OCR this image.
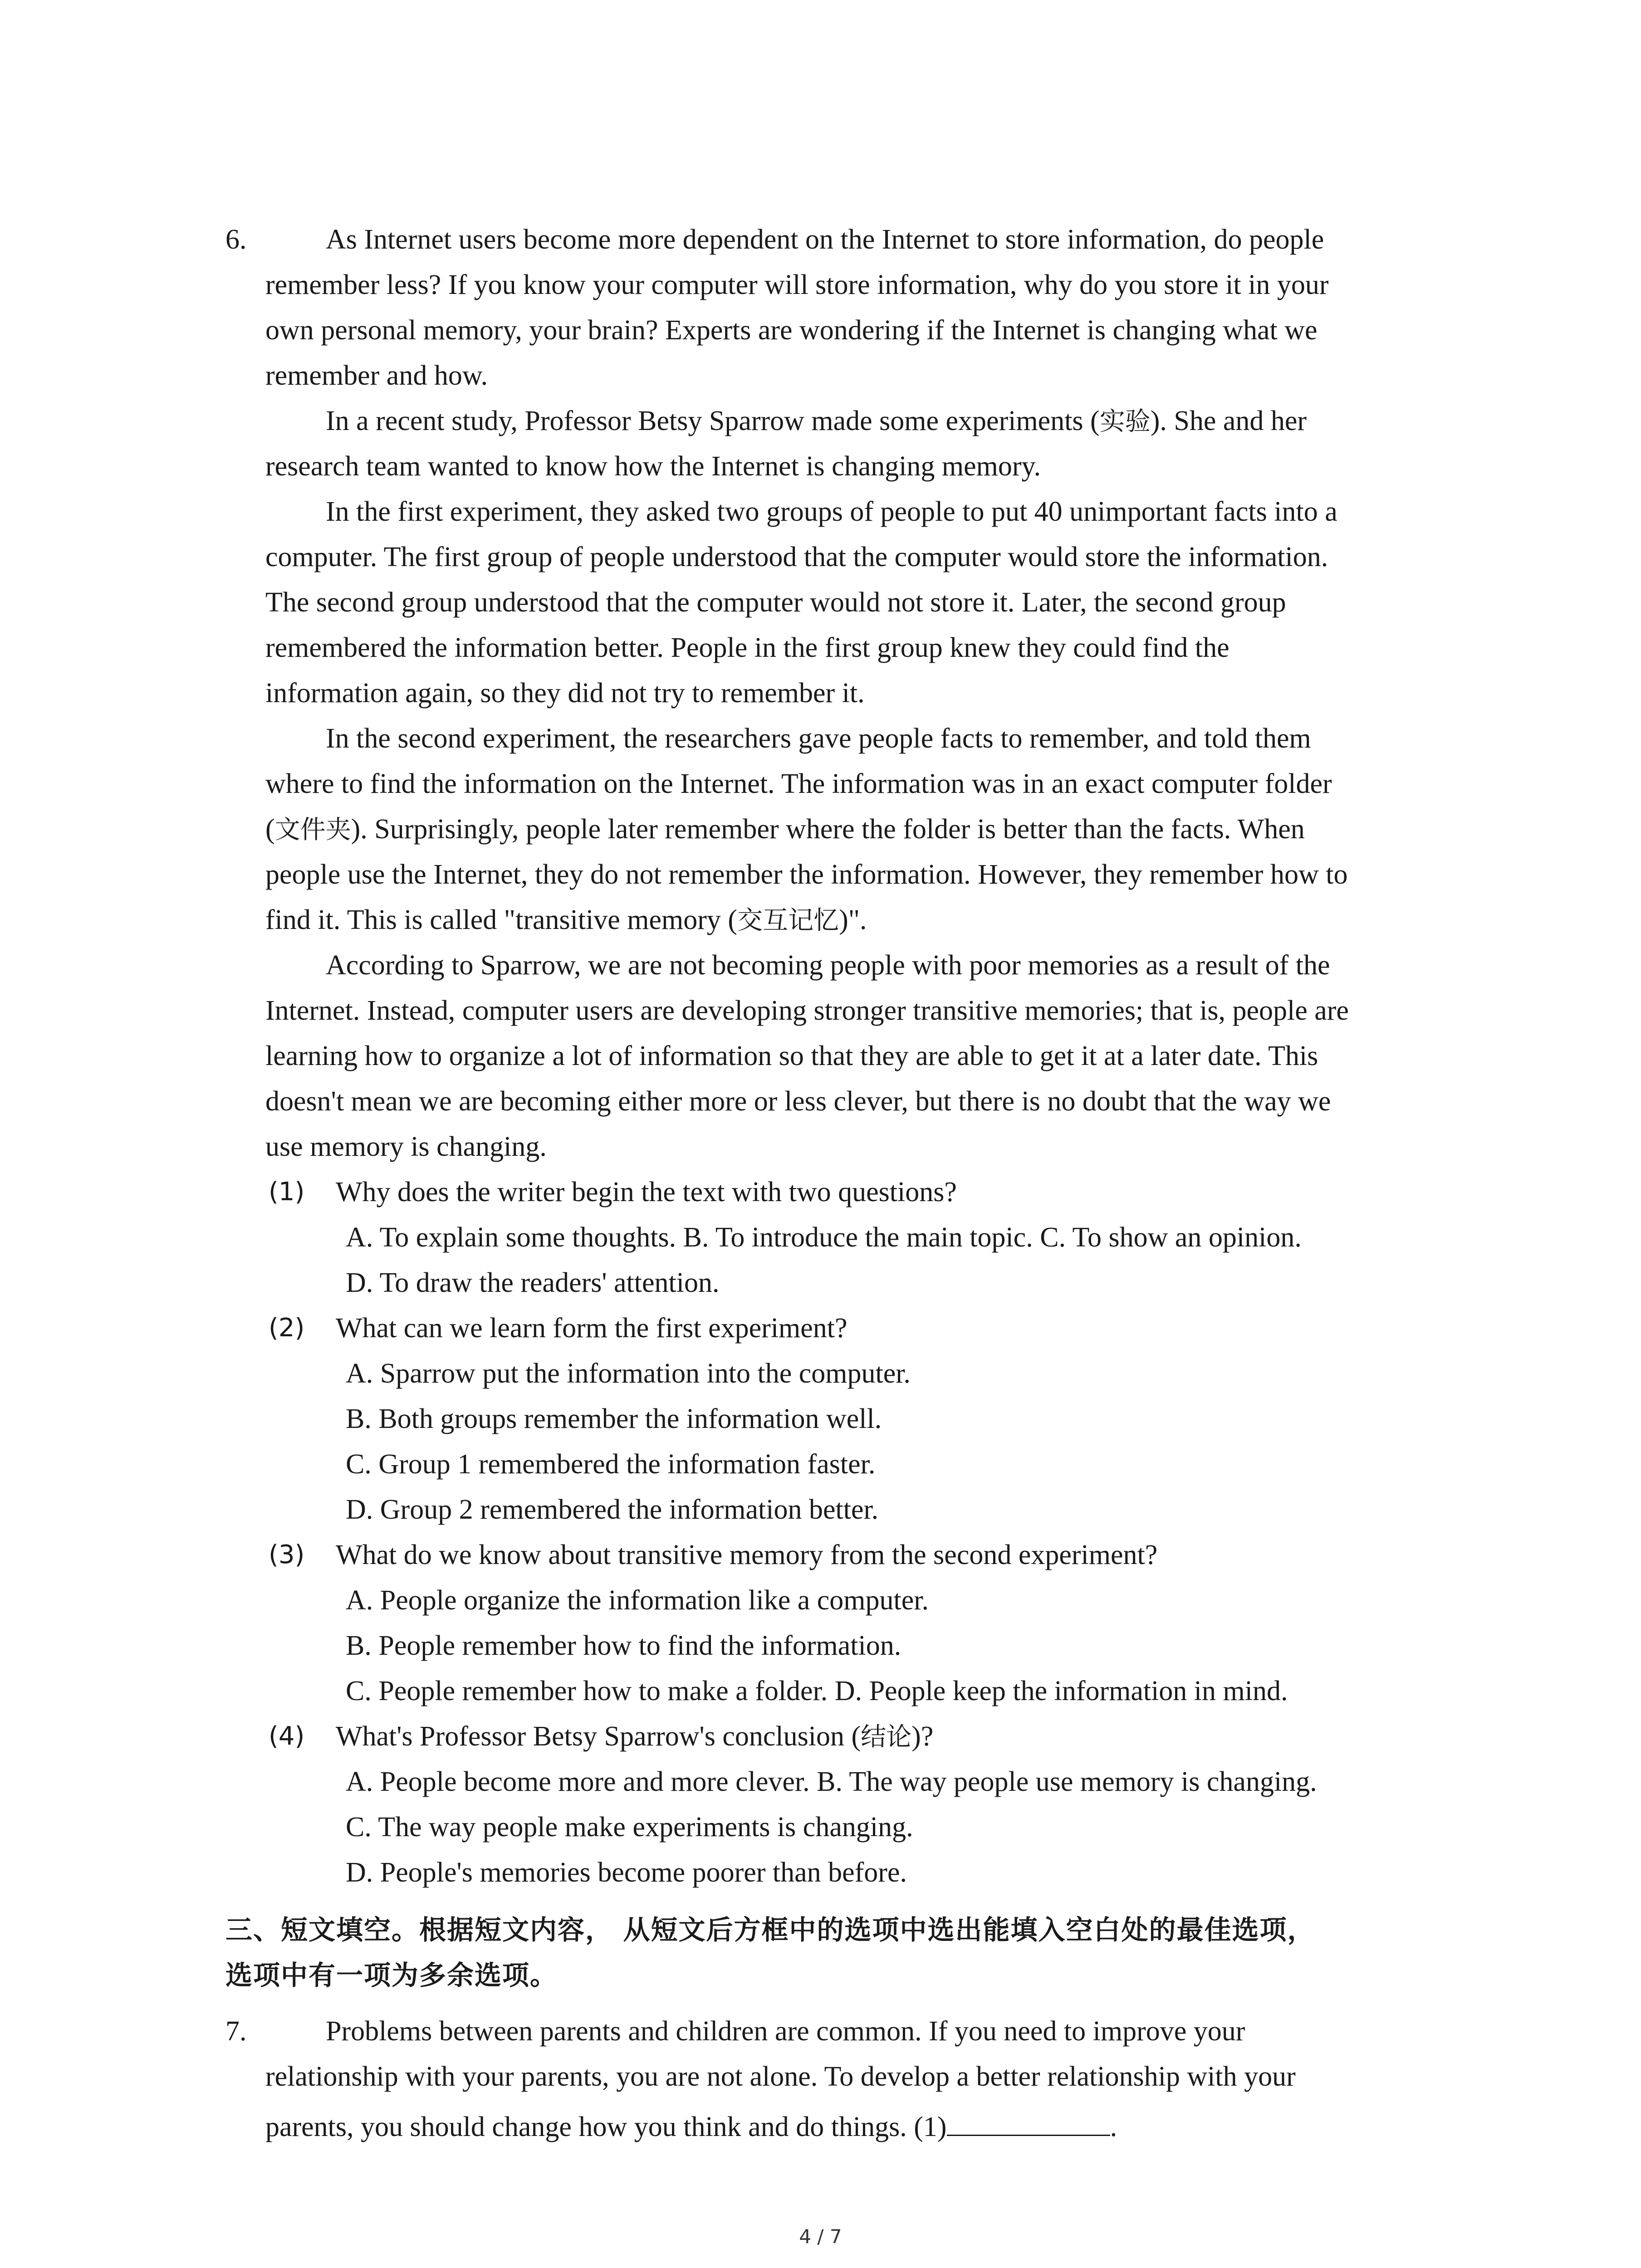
6.	As Internet users become more dependent on the Internet to store information, do people
remember less? If you know your computer will store information, why do you store it in your
own personal memory, your brain? Experts are wondering if the Internet is changing what we
remember and how.
In a recent study, Professor Betsy Sparrow made some experiments (实验). She and her
research team wanted to know how the Internet is changing memory.
In the first experiment, they asked two groups of people to put 40 unimportant facts into a
computer. The first group of people understood that the computer would store the information.
The second group understood that the computer would not store it. Later, the second group
remembered the information better. People in the first group knew they could find the
information again, so they did not try to remember it.
In the second experiment, the researchers gave people facts to remember, and told them
where to find the information on the Internet. The information was in an exact computer folder
(文件夹). Surprisingly, people later remember where the folder is better than the facts. When
people use the Internet, they do not remember the information. However, they remember how to
find it. This is called "transitive memory (交互记忆)".
According to Sparrow, we are not becoming people with poor memories as a result of the
Internet. Instead, computer users are developing stronger transitive memories; that is, people are
learning how to organize a lot of information so that they are able to get it at a later date. This
doesn't mean we are becoming either more or less clever, but there is no doubt that the way we
use memory is changing.
(1) Why does the writer begin the text with two questions?
A. To explain some thoughts. B. To introduce the main topic. C. To show an opinion.
D. To draw the readers' attention.
(2) What can we learn form the first experiment?
A. Sparrow put the information into the computer.
B. Both groups remember the information well.
C. Group 1 remembered the information faster.
D. Group 2 remembered the information better.
(3) What do we know about transitive memory from the second experiment?
A. People organize the information like a computer.
B. People remember how to find the information.
C. People remember how to make a folder. D. People keep the information in mind.
(4) What's Professor Betsy Sparrow's conclusion (结论)?
A. People become more and more clever. B. The way people use memory is changing.
C. The way people make experiments is changing.
D. People's memories become poorer than before.
三、短文填空。根据短文内容， 从短文后方框中的选项中选出能填入空白处的最佳选项，
选项中有一项为多余选项。
7.	Problems between parents and children are common. If you need to improve your
relationship with your parents, you are not alone. To develop a better relationship with your
parents, you should change how you think and do things. (1)	.
4 / 7
